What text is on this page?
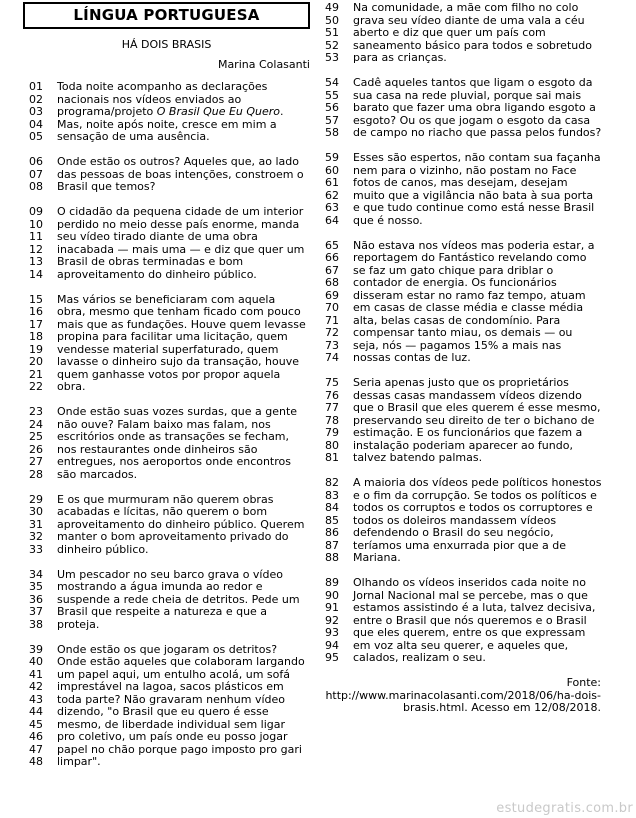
LÍNGUA PORTUGUESA
HÁ DOIS BRASIS
Marina Colasanti
01	Toda noite acompanho as declarações
02	nacionais nos vídeos enviados ao
03	programa/projeto O Brasil Que Eu Quero.
04	Mas, noite após noite, cresce em mim a
05	sensação de uma ausência.
06	Onde estão os outros? Aqueles que, ao lado
07	das pessoas de boas intenções, constroem o
08	Brasil que temos?
09	O cidadão da pequena cidade de um interior
10	perdido no meio desse país enorme, manda
11	seu vídeo tirado diante de uma obra
12	inacabada — mais uma — e diz que quer um
13	Brasil de obras terminadas e bom
14	aproveitamento do dinheiro público.
15	Mas vários se beneficiaram com aquela
16	obra, mesmo que tenham ficado com pouco
17	mais que as fundações. Houve quem levasse
18	propina para facilitar uma licitação, quem
19	vendesse material superfaturado, quem
20	lavasse o dinheiro sujo da transação, houve
21	quem ganhasse votos por propor aquela
22	obra.
23	Onde estão suas vozes surdas, que a gente
24	não ouve? Falam baixo mas falam, nos
25	escritórios onde as transações se fecham,
26	nos restaurantes onde dinheiros são
27	entregues, nos aeroportos onde encontros
28	são marcados.
29	E os que murmuram não querem obras
30	acabadas e lícitas, não querem o bom
31	aproveitamento do dinheiro público. Querem
32	manter o bom aproveitamento privado do
33	dinheiro público.
34	Um pescador no seu barco grava o vídeo
35	mostrando a água imunda ao redor e
36	suspende a rede cheia de detritos. Pede um
37	Brasil que respeite a natureza e que a
38	proteja.
39	Onde estão os que jogaram os detritos?
40	Onde estão aqueles que colaboram largando
41	um papel aqui, um entulho acolá, um sofá
42	imprestável na lagoa, sacos plásticos em
43	toda parte? Não gravaram nenhum vídeo
44	dizendo, "o Brasil que eu quero é esse
45	mesmo, de liberdade individual sem ligar
46	pro coletivo, um país onde eu posso jogar
47	papel no chão porque pago imposto pro gari
48	limpar".
49	Na comunidade, a mãe com filho no colo
50	grava seu vídeo diante de uma vala a céu
51	aberto e diz que quer um país com
52	saneamento básico para todos e sobretudo
53	para as crianças.
54	Cadê aqueles tantos que ligam o esgoto da
55	sua casa na rede pluvial, porque sai mais
56	barato que fazer uma obra ligando esgoto a
57	esgoto? Ou os que jogam o esgoto da casa
58	de campo no riacho que passa pelos fundos?
59	Esses são espertos, não contam sua façanha
60	nem para o vizinho, não postam no Face
61	fotos de canos, mas desejam, desejam
62	muito que a vigilância não bata à sua porta
63	e que tudo continue como está nesse Brasil
64	que é nosso.
65	Não estava nos vídeos mas poderia estar, a
66	reportagem do Fantástico revelando como
67	se faz um gato chique para driblar o
68	contador de energia. Os funcionários
69	disseram estar no ramo faz tempo, atuam
70	em casas de classe média e classe média
71	alta, belas casas de condomínio. Para
72	compensar tanto miau, os demais — ou
73	seja, nós — pagamos 15% a mais nas
74	nossas contas de luz.
75	Seria apenas justo que os proprietários
76	dessas casas mandassem vídeos dizendo
77	que o Brasil que eles querem é esse mesmo,
78	preservando seu direito de ter o bichano de
79	estimação. E os funcionários que fazem a
80	instalação poderiam aparecer ao fundo,
81	talvez batendo palmas.
82	A maioria dos vídeos pede políticos honestos
83	e o fim da corrupção. Se todos os políticos e
84	todos os corruptos e todos os corruptores e
85	todos os doleiros mandassem vídeos
86	defendendo o Brasil do seu negócio,
87	teríamos uma enxurrada pior que a de
88	Mariana.
89	Olhando os vídeos inseridos cada noite no
90	Jornal Nacional mal se percebe, mas o que
91	estamos assistindo é a luta, talvez decisiva,
92	entre o Brasil que nós queremos e o Brasil
93	que eles querem, entre os que expressam
94	em voz alta seu querer, e aqueles que,
95	calados, realizam o seu.
Fonte:
http://www.marinacolasanti.com/2018/06/ha-dois-
brasis.html. Acesso em 12/08/2018.
estudegratis.com.br
